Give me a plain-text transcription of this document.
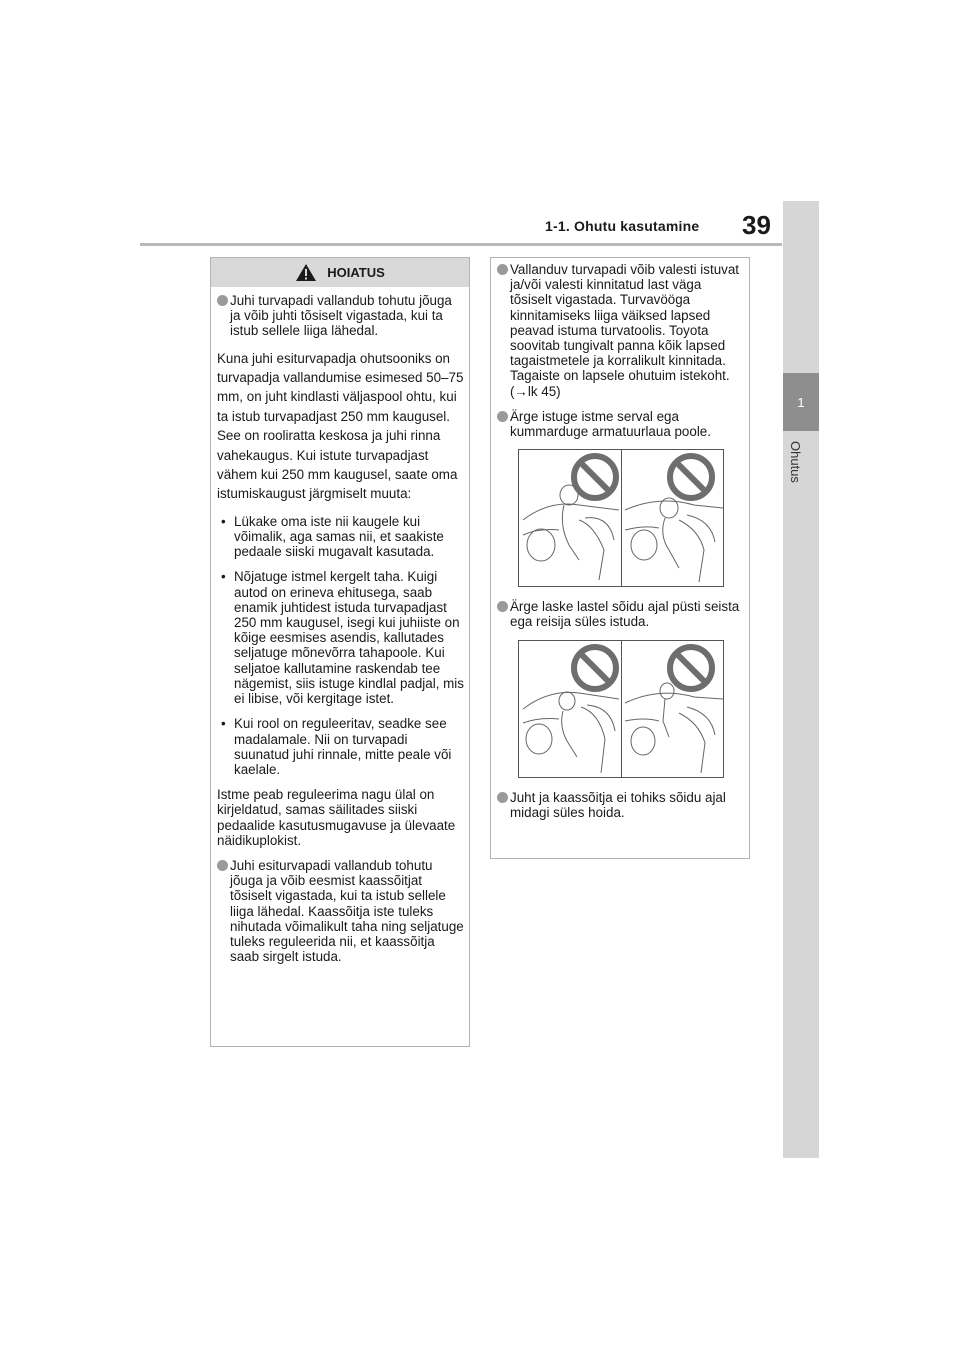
1-1. Ohutu kasutamine 39
1
Ohutus
HOIATUS
Juhi turvapadi vallandub tohutu jõuga ja võib juhti tõsiselt vigastada, kui ta istub sellele liiga lähedal.

Kuna juhi esiturvapadja ohutsooniks on turvapadja vallandumise esimesed 50–75 mm, on juht kindlasti väljaspool ohtu, kui ta istub turvapadjast 250 mm kaugusel. See on rooliratta keskosa ja juhi rinna vahekaugus. Kui istute turvapadjast vähem kui 250 mm kaugusel, saate oma istumiskaugust järgmiselt muuta:

• Lükake oma iste nii kaugele kui võimalik, aga samas nii, et saakiste pedaale siiski mugavalt kasutada.
• Nõjatuge istmel kergelt taha. Kuigi autod on erineva ehitusega, saab enamik juhtidest istuda turvapadjast 250 mm kaugusel, isegi kui juhiiste on kõige eesmises asendis, kallutades seljatuge mõnevõrra tahapoole. Kui seljatoe kallutamine raskendab tee nägemist, siis istuge kindlal padjal, mis ei libise, või kergitage istet.
• Kui rool on reguleeritav, seadke see madalamale. Nii on turvapadi suunatud juhi rinnale, mitte peale või kaelale.

Istme peab reguleerima nagu ülal on kirjeldatud, samas säilitades siiski pedaalide kasutusmugavuse ja ülevaate näidikuplokist.

Juhi esiturvapadi vallandub tohutu jõuga ja võib eesmist kaassõitjat tõsiselt vigastada, kui ta istub sellele liiga lähedal. Kaassõitja iste tuleks nihutada võimalikult taha ning seljatuge tuleks reguleerida nii, et kaassõitja saab sirgelt istuda.
Vallanduv turvapadi võib valesti istuvat ja/või valesti kinnitatud last väga tõsiselt vigastada. Turvavööga kinnitamiseks liiga väiksed lapsed peavad istuma turvatoolis. Toyota soovitab tungivalt panna kõik lapsed tagaistmetele ja korralikult kinnitada. Tagaiste on lapsele ohutuim istekoht. (→lk 45)
Ärge istuge istme serval ega kummarduge armatuurlaua poole.
Ärge laske lastel sõidu ajal püsti seista ega reisija süles istuda.
Juht ja kaassõitja ei tohiks sõidu ajal midagi süles hoida.
